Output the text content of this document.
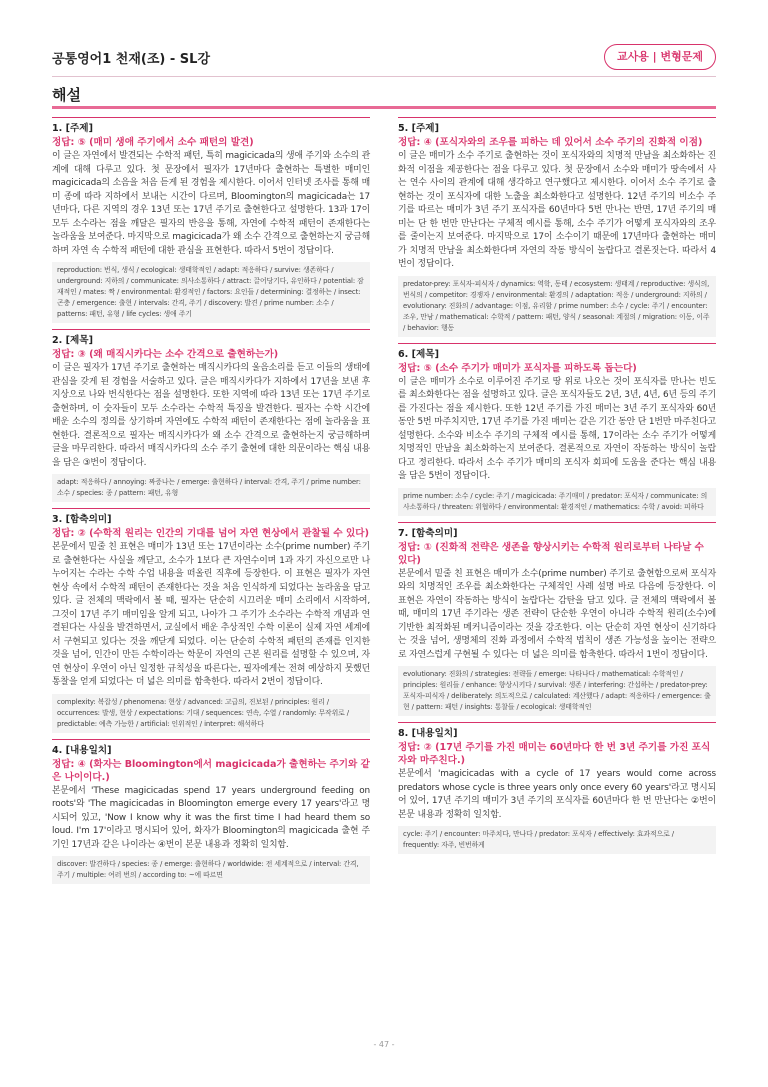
공통영어1 천재(조) - SL강	교사용 | 변형문제
해설
1. [주제]
정답: ⑤ (매미 생애 주기에서 소수 패턴의 발견)
이 글은 자연에서 발견되는 수학적 패턴, 특히 magicicada의 생애 주기와 소수의 관계에 대해 다루고 있다. 첫 문장에서 필자가 17년마다 출현하는 특별한 매미인 magicicada의 소음을 처음 듣게 된 경험을 제시한다. 이어서 인터넷 조사를 통해 매미 종에 따라 지하에서 보내는 시간이 다르며, Bloomington의 magicicada는 17년마다, 다른 지역의 경우 13년 또는 17년 주기로 출현한다고 설명한다. 13과 17이 모두 소수라는 점을 깨달은 필자의 반응을 통해, 자연에 수학적 패턴이 존재한다는 놀라움을 보여준다. 마지막으로 magicicada가 왜 소수 간격으로 출현하는지 궁금해하며 자연 속 수학적 패턴에 대한 관심을 표현한다. 따라서 5번이 정답이다.
reproduction: 번식, 생식 / ecological: 생태학적인 / adapt: 적응하다 / survive: 생존하다 / underground: 지하의 / communicate: 의사소통하다 / attract: 끌어당기다, 유인하다 / potential: 잠재적인 / mates: 짝 / environmental: 환경적인 / factors: 요인들 / determining: 결정하는 / insect: 곤충 / emergence: 출현 / intervals: 간격, 주기 / discovery: 발견 / prime number: 소수 / patterns: 패턴, 유형 / life cycles: 생애 주기
2. [제목]
정답: ③ (왜 매직시카다는 소수 간격으로 출현하는가)
이 글은 필자가 17년 주기로 출현하는 매직시카다의 울음소리를 듣고 이들의 생태에 관심을 갖게 된 경험을 서술하고 있다. 글은 매직시카다가 지하에서 17년을 보낸 후 지상으로 나와 번식한다는 점을 설명한다. 또한 지역에 따라 13년 또는 17년 주기로 출현하며, 이 숫자들이 모두 소수라는 수학적 특징을 발견한다. 필자는 수학 시간에 배운 소수의 정의를 상기하며 자연에도 수학적 패턴이 존재한다는 점에 놀라움을 표현한다. 결론적으로 필자는 매직시카다가 왜 소수 간격으로 출현하는지 궁금해하며 글을 마무리한다. 따라서 매직시카다의 소수 주기 출현에 대한 의문이라는 핵심 내용을 담은 ③번이 정답이다.
adapt: 적응하다 / annoying: 짜증나는 / emerge: 출현하다 / interval: 간격, 주기 / prime number: 소수 / species: 종 / pattern: 패턴, 유형
3. [함축의미]
정답: ② (수학적 원리는 인간의 기대를 넘어 자연 현상에서 관찰될 수 있다)
본문에서 밑줄 친 표현은 매미가 13년 또는 17년이라는 소수(prime number) 주기로 출현한다는 사실을 깨닫고, 소수가 1보다 큰 자연수이며 1과 자기 자신으로만 나누어지는 수라는 수학 수업 내용을 떠올린 직후에 등장한다. 이 표현은 필자가 자연 현상 속에서 수학적 패턴이 존재한다는 것을 처음 인식하게 되었다는 놀라움을 담고 있다. 글 전체의 맥락에서 볼 때, 필자는 단순히 시끄러운 매미 소리에서 시작하여, 그것이 17년 주기 매미임을 알게 되고, 나아가 그 주기가 소수라는 수학적 개념과 연결된다는 사실을 발견하면서, 교실에서 배운 추상적인 수학 이론이 실제 자연 세계에서 구현되고 있다는 것을 깨닫게 되었다. 이는 단순히 수학적 패턴의 존재를 인지한 것을 넘어, 인간이 만든 수학이라는 학문이 자연의 근본 원리를 설명할 수 있으며, 자연 현상이 우연이 아닌 일정한 규칙성을 따른다는, 필자에게는 전혀 예상하지 못했던 통찰을 얻게 되었다는 더 넓은 의미를 함축한다. 따라서 2번이 정답이다.
complexity: 복잡성 / phenomena: 현상 / advanced: 고급의, 진보된 / principles: 원리 / occurrences: 발생, 현상 / expectations: 기대 / sequences: 연속, 수열 / randomly: 무작위로 / predictable: 예측 가능한 / artificial: 인위적인 / interpret: 해석하다
4. [내용일치]
정답: ④ (화자는 Bloomington에서 magicicada가 출현하는 주기와 같은 나이이다.)
본문에서 'These magicicadas spend 17 years underground feeding on roots'와 'The magicicadas in Bloomington emerge every 17 years'라고 명시되어 있고, 'Now I know why it was the first time I had heard them so loud. I'm 17'이라고 명시되어 있어, 화자가 Bloomington의 magicicada 출현 주기인 17년과 같은 나이라는 ④번이 본문 내용과 정확히 일치함.
discover: 발견하다 / species: 종 / emerge: 출현하다 / worldwide: 전 세계적으로 / interval: 간격, 주기 / multiple: 여러 번의 / according to: ~에 따르면
5. [주제]
정답: ④ (포식자와의 조우를 피하는 데 있어서 소수 주기의 진화적 이점)
이 글은 매미가 소수 주기로 출현하는 것이 포식자와의 치명적 만남을 최소화하는 진화적 이점을 제공한다는 점을 다루고 있다. 첫 문장에서 소수와 매미가 땅속에서 사는 연수 사이의 관계에 대해 생각하고 연구했다고 제시한다. 이어서 소수 주기로 출현하는 것이 포식자에 대한 노출을 최소화한다고 설명한다. 12년 주기의 비소수 주기를 따르는 매미가 3년 주기 포식자를 60년마다 5번 만나는 반면, 17년 주기의 매미는 단 한 번만 만난다는 구체적 예시를 통해, 소수 주기가 어떻게 포식자와의 조우를 줄이는지 보여준다. 마지막으로 17이 소수이기 때문에 17년마다 출현하는 매미가 치명적 만남을 최소화한다며 자연의 작동 방식이 놀랍다고 결론짓는다. 따라서 4번이 정답이다.
predator-prey: 포식자-피식자 / dynamics: 역학, 동태 / ecosystem: 생태계 / reproductive: 생식의, 번식의 / competitor: 경쟁자 / environmental: 환경의 / adaptation: 적응 / underground: 지하의 / evolutionary: 진화의 / advantage: 이점, 유리함 / prime number: 소수 / cycle: 주기 / encounter: 조우, 만남 / mathematical: 수학적 / pattern: 패턴, 양식 / seasonal: 계절의 / migration: 이동, 이주 / behavior: 행동
6. [제목]
정답: ⑤ (소수 주기가 매미가 포식자를 피하도록 돕는다)
이 글은 매미가 소수로 이루어진 주기로 땅 위로 나오는 것이 포식자를 만나는 빈도를 최소화한다는 점을 설명하고 있다. 글은 포식자들도 2년, 3년, 4년, 6년 등의 주기를 가진다는 점을 제시한다. 또한 12년 주기를 가진 매미는 3년 주기 포식자와 60년 동안 5번 마주치지만, 17년 주기를 가진 매미는 같은 기간 동안 단 1번만 마주친다고 설명한다. 소수와 비소수 주기의 구체적 예시를 통해, 17이라는 소수 주기가 어떻게 치명적인 만남을 최소화하는지 보여준다. 결론적으로 자연이 작동하는 방식이 놀랍다고 정리한다. 따라서 소수 주기가 매미의 포식자 회피에 도움을 준다는 핵심 내용을 담은 5번이 정답이다.
prime number: 소수 / cycle: 주기 / magicicada: 주기매미 / predator: 포식자 / communicate: 의사소통하다 / threaten: 위협하다 / environmental: 환경적인 / mathematics: 수학 / avoid: 피하다
7. [함축의미]
정답: ① (진화적 전략은 생존을 향상시키는 수학적 원리로부터 나타날 수 있다)
본문에서 밑줄 친 표현은 매미가 소수(prime number) 주기로 출현함으로써 포식자와의 치명적인 조우를 최소화한다는 구체적인 사례 설명 바로 다음에 등장한다. 이 표현은 자연이 작동하는 방식이 놀랍다는 감탄을 담고 있다. 글 전체의 맥락에서 볼 때, 매미의 17년 주기라는 생존 전략이 단순한 우연이 아니라 수학적 원리(소수)에 기반한 최적화된 메커니즘이라는 것을 강조한다. 이는 단순히 자연 현상이 신기하다는 것을 넘어, 생명체의 진화 과정에서 수학적 법칙이 생존 가능성을 높이는 전략으로 자연스럽게 구현될 수 있다는 더 넓은 의미를 함축한다. 따라서 1번이 정답이다.
evolutionary: 진화의 / strategies: 전략들 / emerge: 나타나다 / mathematical: 수학적인 / principles: 원리들 / enhance: 향상시키다 / survival: 생존 / interfering: 간섭하는 / predator-prey: 포식자-피식자 / deliberately: 의도적으로 / calculated: 계산했다 / adapt: 적응하다 / emergence: 출현 / pattern: 패턴 / insights: 통찰들 / ecological: 생태학적인
8. [내용일치]
정답: ② (17년 주기를 가진 매미는 60년마다 한 번 3년 주기를 가진 포식자와 마주친다.)
본문에서 'magicicadas with a cycle of 17 years would come across predators whose cycle is three years only once every 60 years'라고 명시되어 있어, 17년 주기의 매미가 3년 주기의 포식자를 60년마다 한 번 만난다는 ②번이 본문 내용과 정확히 일치함.
cycle: 주기 / encounter: 마주치다, 만나다 / predator: 포식자 / effectively: 효과적으로 / frequently: 자주, 빈번하게
- 47 -
